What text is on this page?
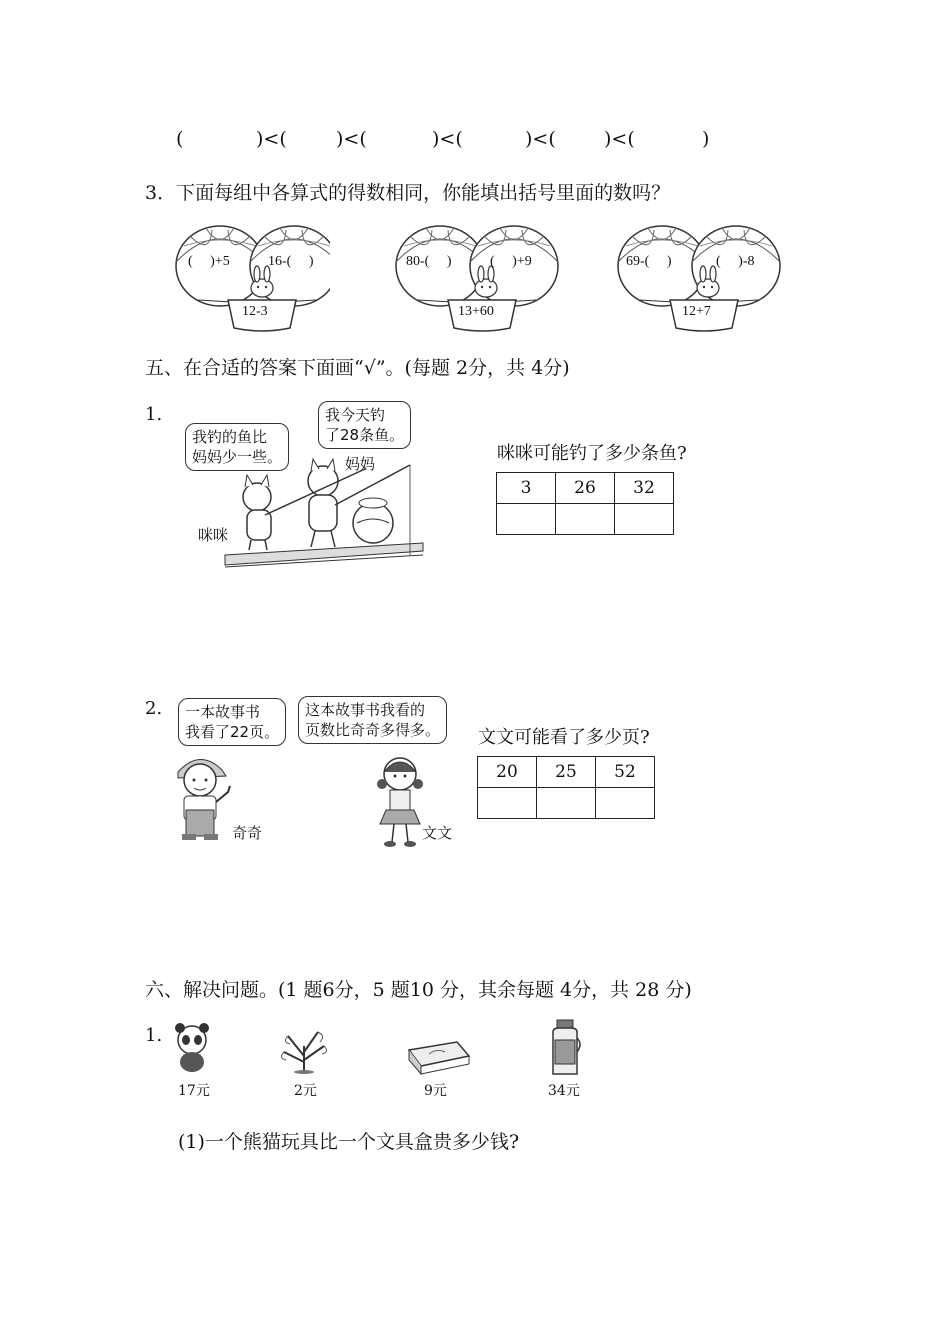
(	)<(	)<(	)<(	)<(	)<(	)
3．下面每组中各算式的得数相同，你能填出括号里面的数吗？
(　 )+5	16-(　 )
12-3
80-(　 )	(　 )+9
13+60
69-(　 )	(　 )-8
12+7
五、在合适的答案下面画“√”。(每题 2分，共 4分)
1.
我钓的鱼比
妈妈少一些。
我今天钓
了28条鱼。
咪咪
妈妈	咪咪可能钓了多少条鱼?
3	26	32

2. 一本故事书
我看了22页。
这本故事书我看的
页数比奇奇多得多。
奇奇	文文
文文可能看了多少页?
20	25	52

六、解决问题。(1 题6分，5 题10 分，其余每题 4分，共 28 分)
1.
17元	2元	9元	34元
(1)一个熊猫玩具比一个文具盒贵多少钱?
